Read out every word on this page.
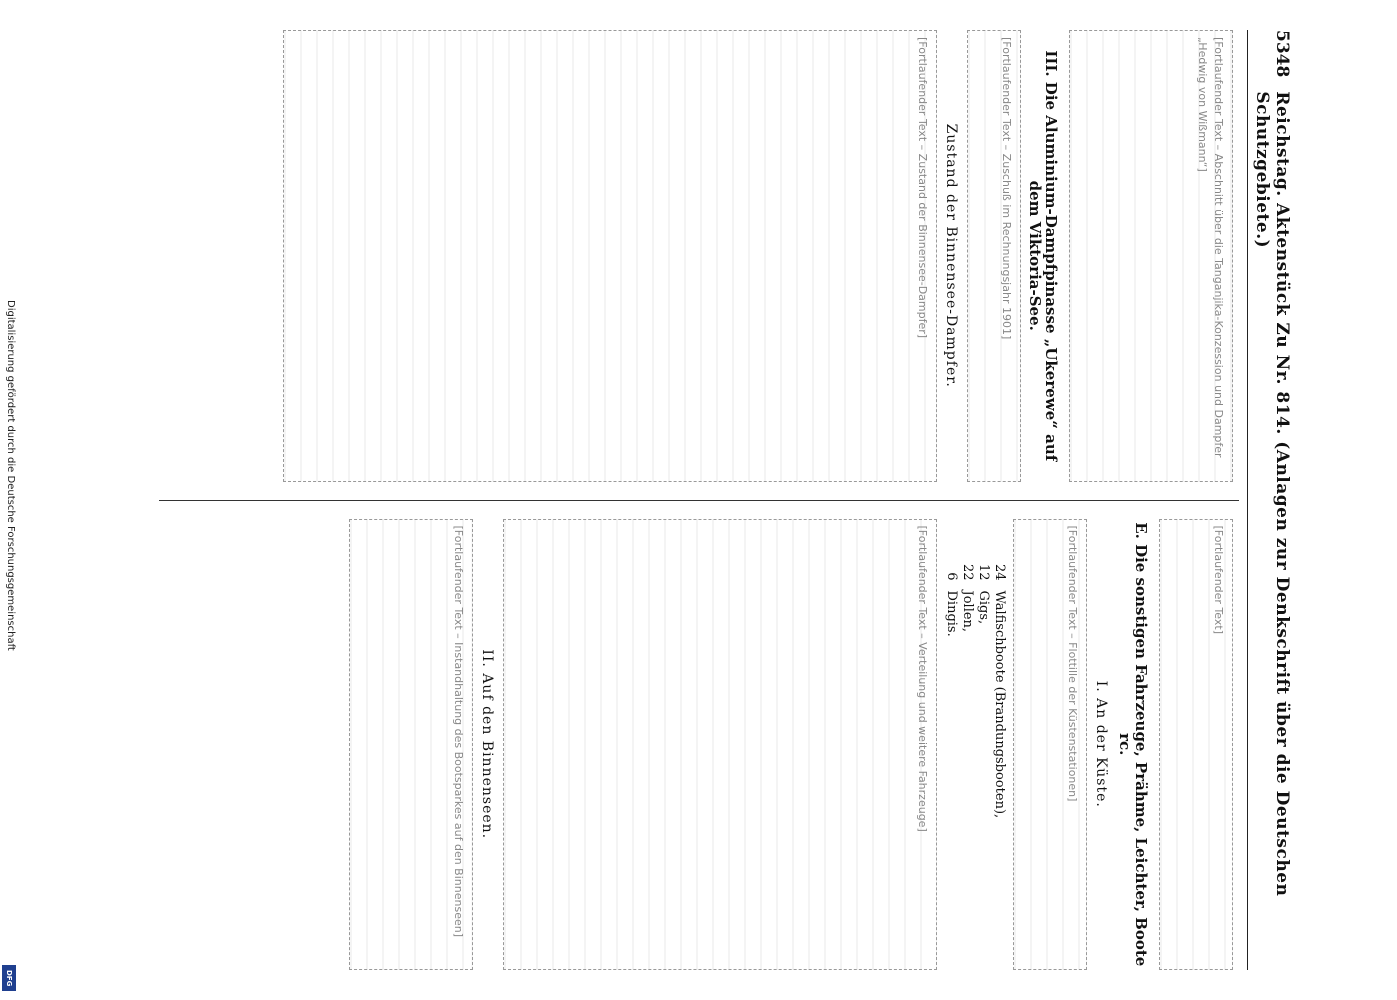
5348
Reichstag. Aktenstück Zu Nr. 814. (Anlagen zur Denkschrift über die Deutschen Schutzgebiete.)
[Fortlaufender Text – Abschnitt über die Tanganjika-Konzession und Dampfer „Hedwig von Wißmann“]
III. Die Aluminium-Dampfpinasse „Ukerewe“ auf dem Viktoria-See.
[Fortlaufender Text – Zuschuß im Rechnungsjahr 1901]
Zustand der Binnensee-Dampfer.
[Fortlaufender Text – Zustand der Binnensee-Dampfer]
[Fortlaufender Text]
E. Die sonstigen Fahrzeuge, Prähme, Leichter, Boote rc.
I. An der Küste.
[Fortlaufender Text – Flottille der Küstenstationen]
24
Walfischboote (Brandungsbooten),
12
Gigs,
22
Jollen,
6
Dingis.
[Fortlaufender Text – Verteilung und weitere Fahrzeuge]
II. Auf den Binnenseen.
[Fortlaufender Text – Instandhaltung des Bootsparkes auf den Binnenseen]
Digitalisierung gefördert durch die Deutsche Forschungsgemeinschaft
DFG
